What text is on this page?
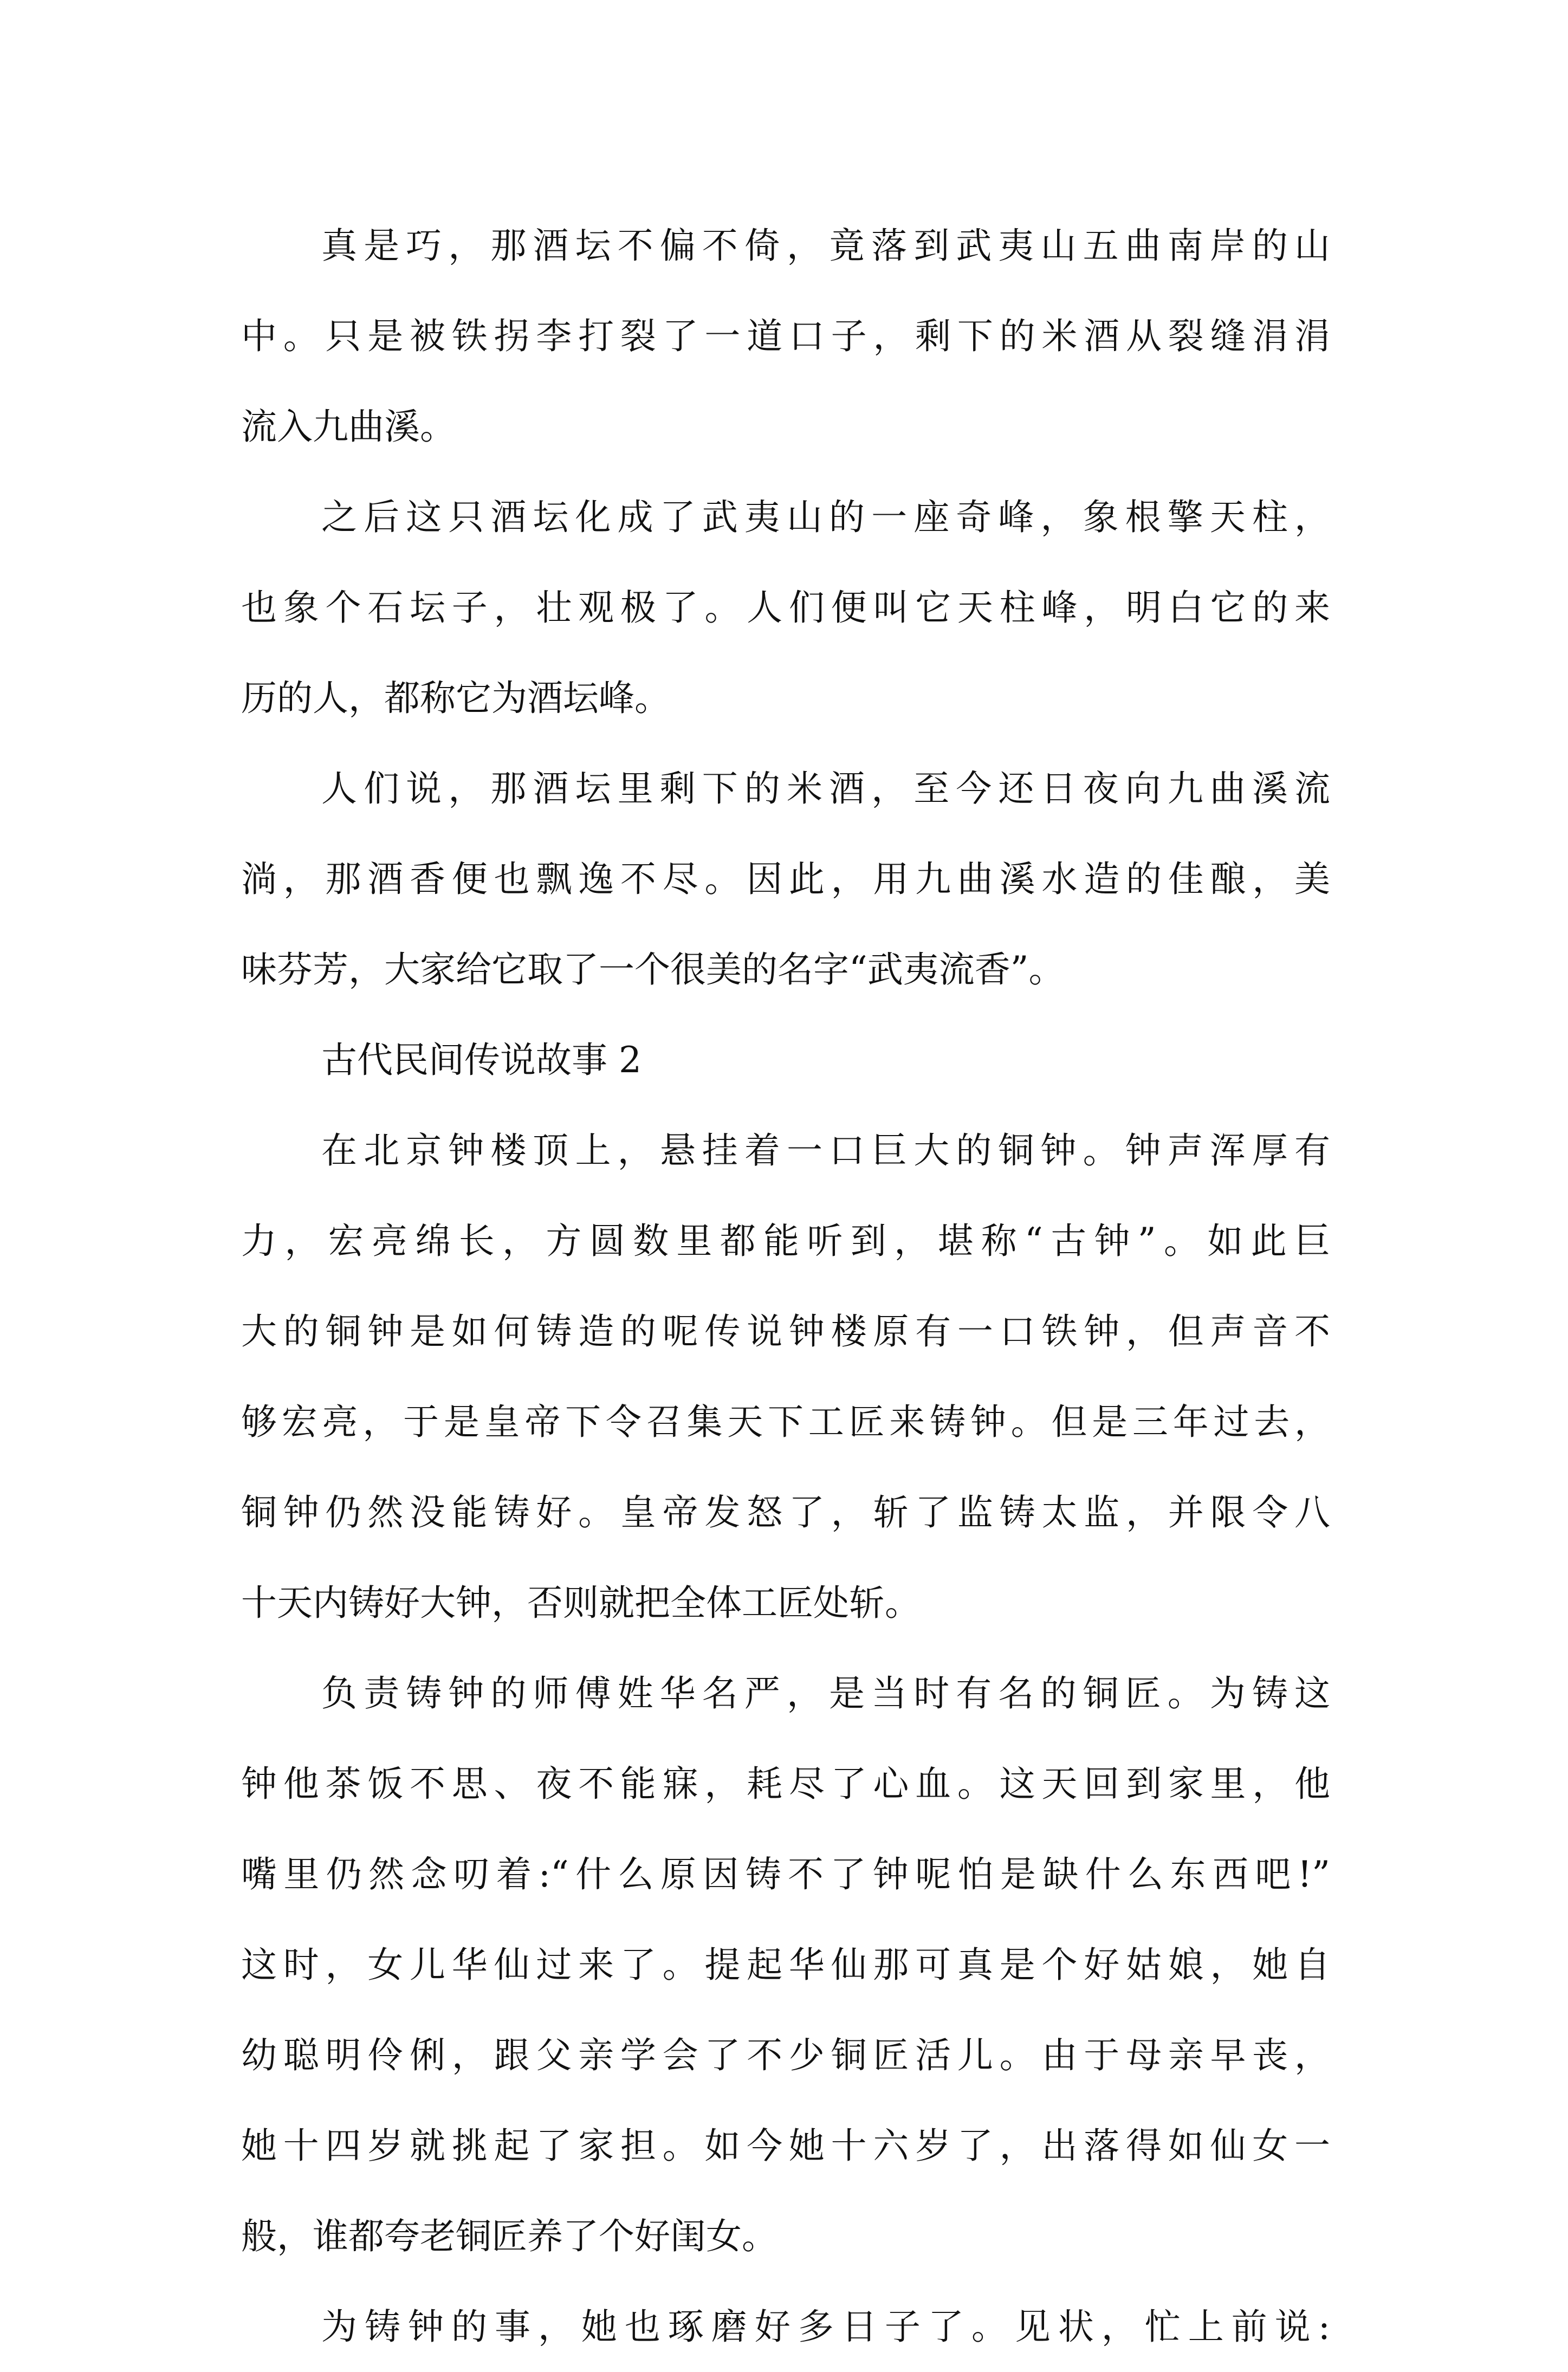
真是巧，那酒坛不偏不倚，竟落到武夷山五曲南岸的山
中。只是被铁拐李打裂了一道口子，剩下的米酒从裂缝涓涓
流入九曲溪。
之后这只酒坛化成了武夷山的一座奇峰，象根擎天柱，
也象个石坛子，壮观极了。人们便叫它天柱峰，明白它的来
历的人，都称它为酒坛峰。
人们说，那酒坛里剩下的米酒，至今还日夜向九曲溪流
淌，那酒香便也飘逸不尽。因此，用九曲溪水造的佳酿，美
味芬芳，大家给它取了一个很美的名字“武夷流香”。
古代民间传说故事 2
在北京钟楼顶上，悬挂着一口巨大的铜钟。钟声浑厚有
力，宏亮绵长，方圆数里都能听到，堪称“古钟”。如此巨
大的铜钟是如何铸造的呢传说钟楼原有一口铁钟，但声音不
够宏亮，于是皇帝下令召集天下工匠来铸钟。但是三年过去，
铜钟仍然没能铸好。皇帝发怒了，斩了监铸太监，并限令八
十天内铸好大钟，否则就把全体工匠处斩。
负责铸钟的师傅姓华名严，是当时有名的铜匠。为铸这
钟他茶饭不思、夜不能寐，耗尽了心血。这天回到家里，他
嘴里仍然念叨着:“什么原因铸不了钟呢怕是缺什么东西吧!”
这时，女儿华仙过来了。提起华仙那可真是个好姑娘，她自
幼聪明伶俐，跟父亲学会了不少铜匠活儿。由于母亲早丧，
她十四岁就挑起了家担。如今她十六岁了，出落得如仙女一
般，谁都夸老铜匠养了个好闺女。
为铸钟的事，她也琢磨好多日子了。见状，忙上前说:
